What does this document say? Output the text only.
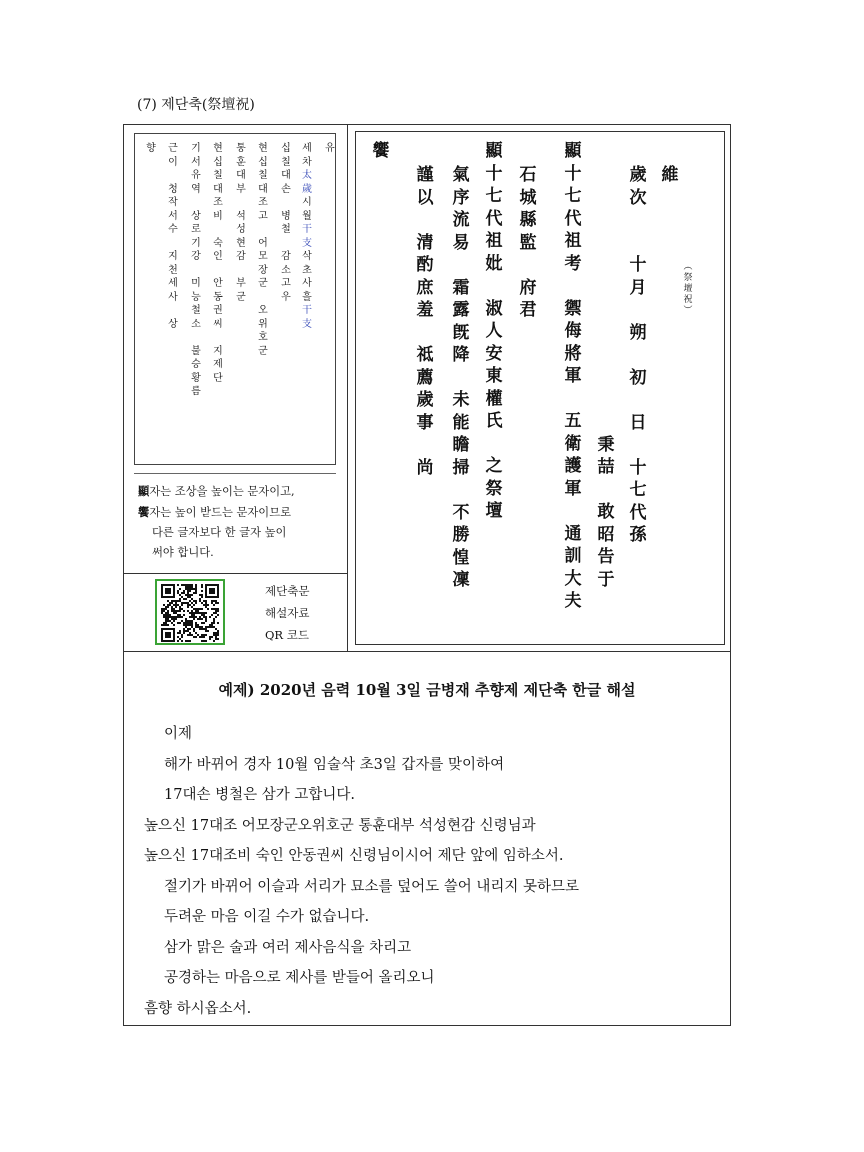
(7) 제단축(祭壇祝)
유
세
차
太
歲
시
월
干
支
삭
초
사
흘
干
支
십
칠
대
손

병
철

감
소
고
우
현
십
칠
대
조
고

어
모
장
군

오
위
호
군
통
훈
대
부

석
성
현
감

부
군
현
십
칠
대
조
비

숙
인

안
동
권
씨

지
제
단
기
서
유
역

상
로
기
강

미
능
철
소

불
승
황
름
근
이

청
작
서
수

지
천
세
사

상
향
顯자는 조상을 높이는 문자이고,
饗자는 높이 받드는 문자이므로
다른 글자보다 한 글자 높이
써야 합니다.
제단축문
해설자료
QR 코드
維
歲
次

十
月

朔

初

日

十
七
代
孫

秉
喆

敢
昭
告
于
顯
十
七
代
祖
考

禦
侮
將
軍

五
衛
護
軍

通
訓
大
夫
石
城
縣
監

府
君
顯
十
七
代
祖
妣

淑
人
安
東
權
氏

之
祭
壇
氣
序
流
易

霜
露
旣
降

未
能
瞻
掃

不
勝
惶
凜
謹
以

清
酌
庶
羞

祗
薦
歲
事

尚
饗
︵
祭
壇
祝
︶
예제) 2020년 음력 10월 3일 금병재 추향제 제단축 한글 해설
이제
해가 바뀌어 경자 10월 임술삭 초3일 갑자를 맞이하여
17대손 병철은 삼가 고합니다.
높으신 17대조 어모장군오위호군 통훈대부 석성현감 신령님과
높으신 17대조비 숙인 안동권씨 신령님이시어 제단 앞에 임하소서.
절기가 바뀌어 이슬과 서리가 묘소를 덮어도 쓸어 내리지 못하므로
두려운 마음 이길 수가 없습니다.
삼가 맑은 술과 여러 제사음식을 차리고
공경하는 마음으로 제사를 받들어 올리오니
흠향 하시옵소서.
